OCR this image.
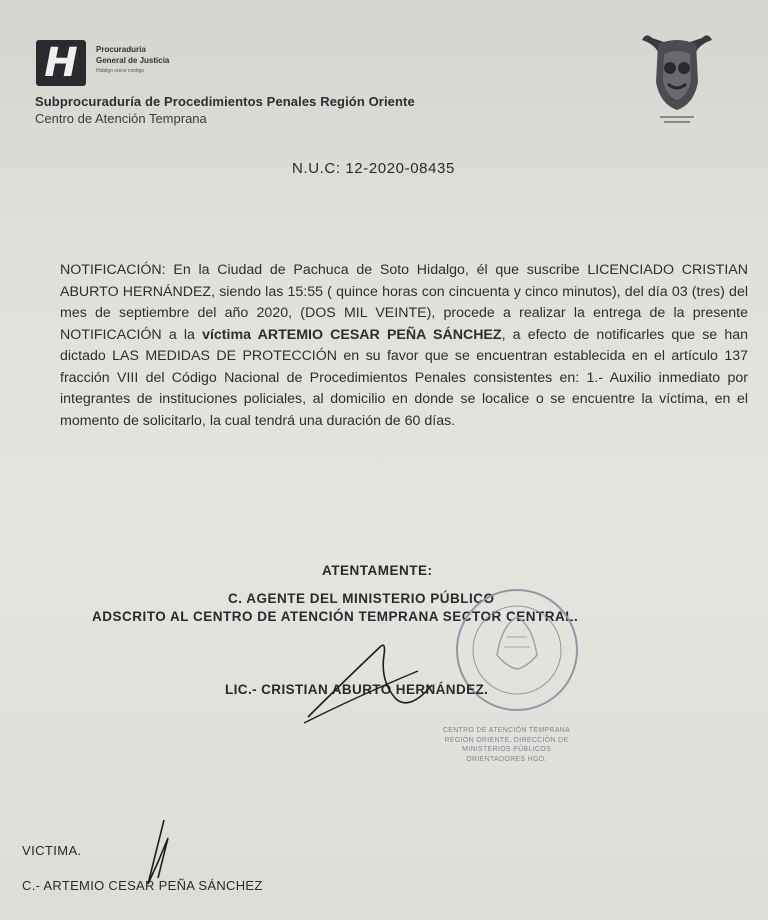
H	Procuraduría
General de Justicia
Hidalgo crece contigo
Subprocuraduría de Procedimientos Penales Región Oriente
Centro de Atención Temprana
N.U.C: 12-2020-08435
NOTIFICACIÓN: En la Ciudad de Pachuca de Soto Hidalgo, él que suscribe LICENCIADO CRISTIAN ABURTO HERNÁNDEZ, siendo las 15:55 ( quince horas con cincuenta y cinco minutos), del día 03 (tres) del mes de septiembre del año 2020, (DOS MIL VEINTE), procede a realizar la entrega de la presente NOTIFICACIÓN a la víctima ARTEMIO CESAR PEÑA SÁNCHEZ, a efecto de notificarles que se han dictado LAS MEDIDAS DE PROTECCIÓN en su favor que se encuentran establecida en el artículo 137 fracción VIII del Código Nacional de Procedimientos Penales consistentes en: 1.- Auxilio inmediato por integrantes de instituciones policiales, al domicilio en donde se localice o se encuentre la víctima, en el momento de solicitarlo, la cual tendrá una duración de 60 días.
ATENTAMENTE:
C. AGENTE DEL MINISTERIO PÚBLICO
ADSCRITO AL CENTRO DE ATENCIÓN TEMPRANA SECTOR CENTRAL.
LIC.- CRISTIAN ABURTO HERNÁNDEZ.
CENTRO DE ATENCIÓN TEMPRANA
REGIÓN ORIENTE, DIRECCIÓN DE
MINISTERIOS PÚBLICOS
ORIENTADORES HGO.
VICTIMA.
C.- ARTEMIO CESAR PEÑA SÁNCHEZ
